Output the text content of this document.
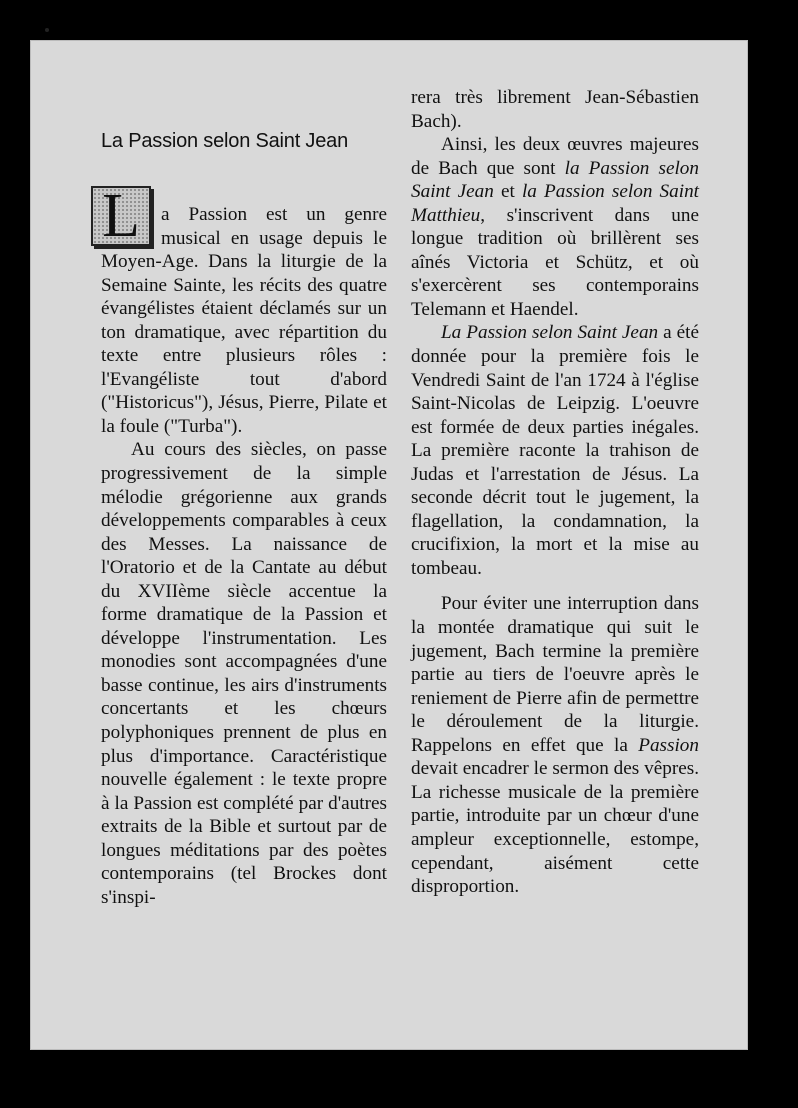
La Passion selon Saint Jean
L	a Passion est un genre musical en usage depuis le Moyen-Age. Dans la liturgie de la Semaine Sainte, les récits des quatre évangélistes étaient déclamés sur un ton dramatique, avec répartition du texte entre plusieurs rôles : l'Evangéliste tout d'abord ("Historicus"), Jésus, Pierre, Pilate et la foule ("Turba").

Au cours des siècles, on passe progressivement de la simple mélodie grégorienne aux grands développements comparables à ceux des Messes. La naissance de l'Oratorio et de la Cantate au début du XVIIème siècle accentue la forme dramatique de la Passion et développe l'instrumentation. Les monodies sont accompagnées d'une basse continue, les airs d'instruments concertants et les chœurs polyphoniques prennent de plus en plus d'importance. Caractéristique nouvelle également : le texte propre à la Passion est complété par d'autres extraits de la Bible et surtout par de longues méditations par des poètes contemporains (tel Brockes dont s'inspi-

rera très librement Jean-Sébastien Bach).

Ainsi, les deux œuvres majeures de Bach que sont la Passion selon Saint Jean et la Passion selon Saint Matthieu, s'inscrivent dans une longue tradition où brillèrent ses aînés Victoria et Schütz, et où s'exercèrent ses contemporains Telemann et Haendel.

La Passion selon Saint Jean a été donnée pour la première fois le Vendredi Saint de l'an 1724 à l'église Saint-Nicolas de Leipzig. L'oeuvre est formée de deux parties inégales. La première raconte la trahison de Judas et l'arrestation de Jésus. La seconde décrit tout le jugement, la flagellation, la condamnation, la crucifixion, la mort et la mise au tombeau.

Pour éviter une interruption dans la montée dramatique qui suit le jugement, Bach termine la première partie au tiers de l'oeuvre après le reniement de Pierre afin de permettre le déroulement de la liturgie. Rappelons en effet que la Passion devait encadrer le sermon des vêpres. La richesse musicale de la première partie, introduite par un chœur d'une ampleur exceptionnelle, estompe, cependant, aisément cette disproportion.
